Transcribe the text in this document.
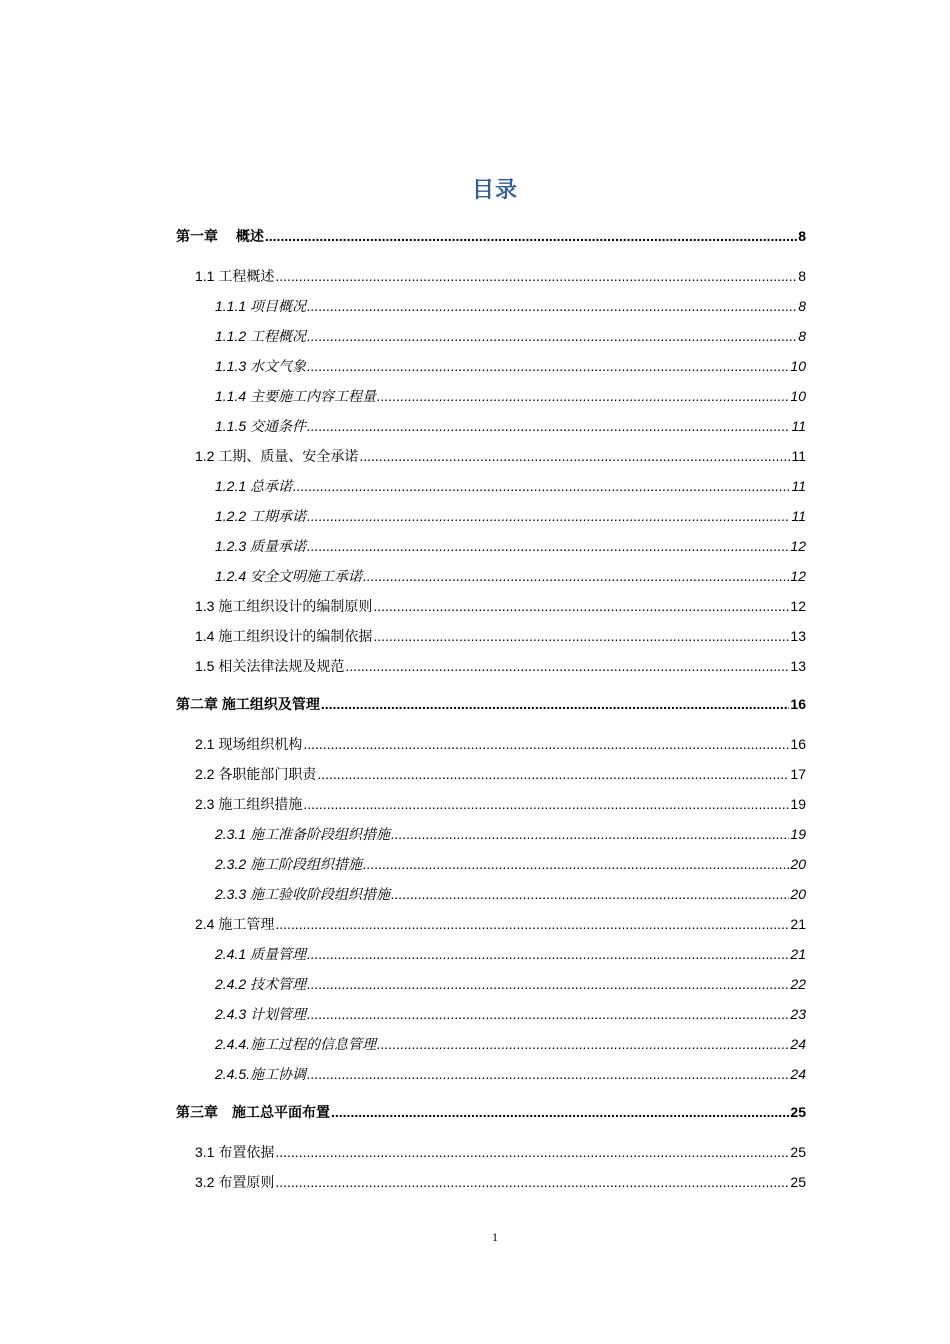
目录
第一章　 概述 .....	8
1.1 工程概述 .....	8
1.1.1 项目概况 .....	8
1.1.2 工程概况 .....	8
1.1.3 水文气象 .....	10
1.1.4 主要施工内容工程量 .....	10
1.1.5 交通条件 .....	11
1.2 工期、质量、安全承诺 .....	11
1.2.1 总承诺 .....	11
1.2.2 工期承诺 .....	11
1.2.3 质量承诺 .....	12
1.2.4 安全文明施工承诺 .....	12
1.3 施工组织设计的编制原则 .....	12
1.4 施工组织设计的编制依据 .....	13
1.5 相关法律法规及规范 .....	13
第二章 施工组织及管理 .....	16
2.1 现场组织机构 .....	16
2.2 各职能部门职责 .....	17
2.3 施工组织措施 .....	19
2.3.1 施工准备阶段组织措施 .....	19
2.3.2 施工阶段组织措施 .....	20
2.3.3 施工验收阶段组织措施 .....	20
2.4 施工管理 .....	21
2.4.1 质量管理 .....	21
2.4.2 技术管理 .....	22
2.4.3 计划管理 .....	23
2.4.4.施工过程的信息管理 .....	24
2.4.5.施工协调 .....	24
第三章　施工总平面布置 .....	25
3.1 布置依据 .....	25
3.2 布置原则 .....	25
1
